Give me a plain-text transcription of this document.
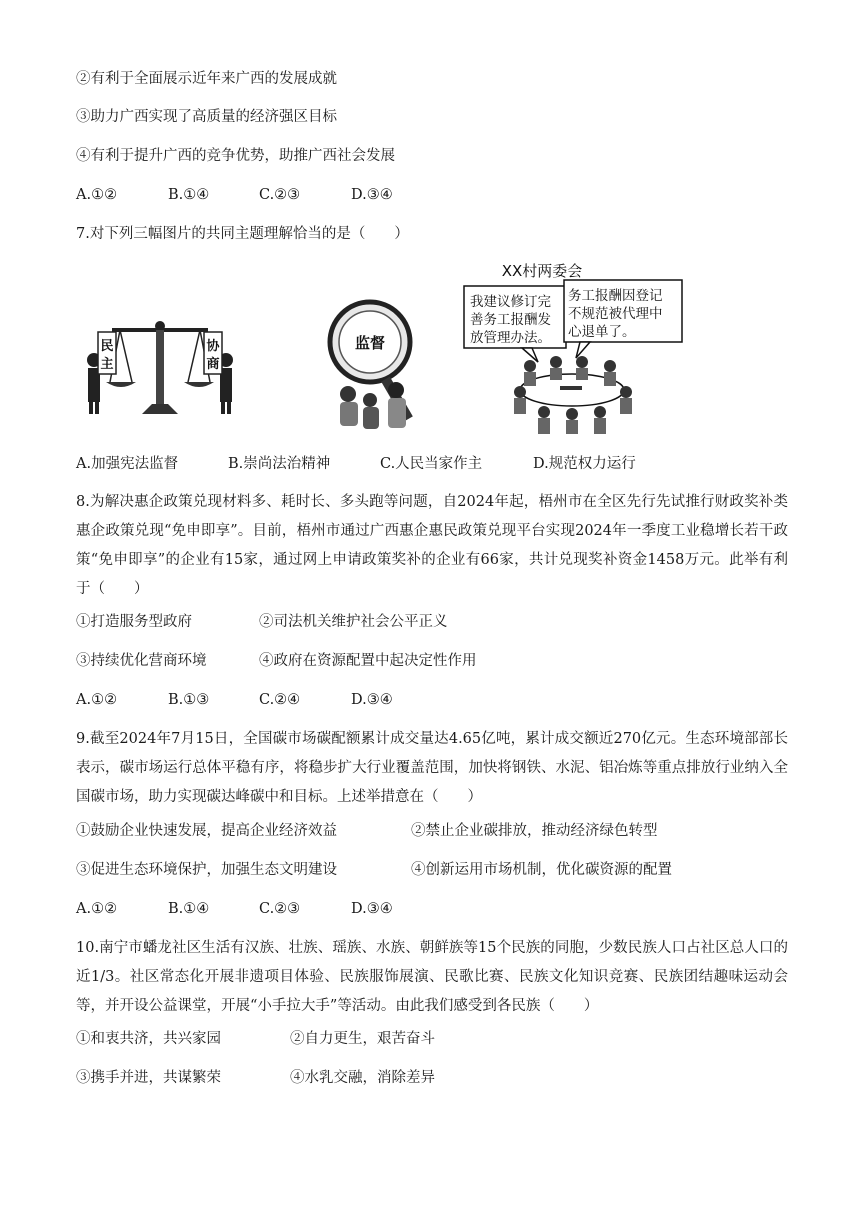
②有利于全面展示近年来广西的发展成就
③助力广西实现了高质量的经济强区目标
④有利于提升广西的竞争优势，助推广西社会发展
A.①②	B.①④	C.②③	D.③④
7.对下列三幅图片的共同主题理解恰当的是（　　）
民
主
协
商
监督
XX村两委会
我建议修订完
善务工报酬发
放管理办法。
务工报酬因登记
不规范被代理中
心退单了。
A.加强宪法监督	B.崇尚法治精神	C.人民当家作主	D.规范权力运行
8.为解决惠企政策兑现材料多、耗时长、多头跑等问题，自2024年起，梧州市在全区先行先试推行财政奖补类惠企政策兑现“免申即享”。目前，梧州市通过广西惠企惠民政策兑现平台实现2024年一季度工业稳增长若干政策“免申即享”的企业有15家，通过网上申请政策奖补的企业有66家，共计兑现奖补资金1458万元。此举有利于（　　）
①打造服务型政府	②司法机关维护社会公平正义
③持续优化营商环境	④政府在资源配置中起决定性作用
A.①②	B.①③	C.②④	D.③④
9.截至2024年7月15日，全国碳市场碳配额累计成交量达4.65亿吨，累计成交额近270亿元。生态环境部部长表示，碳市场运行总体平稳有序，将稳步扩大行业覆盖范围，加快将钢铁、水泥、铝冶炼等重点排放行业纳入全国碳市场，助力实现碳达峰碳中和目标。上述举措意在（　　）
①鼓励企业快速发展，提高企业经济效益	②禁止企业碳排放，推动经济绿色转型
③促进生态环境保护，加强生态文明建设	④创新运用市场机制，优化碳资源的配置
A.①②	B.①④	C.②③	D.③④
10.南宁市蟠龙社区生活有汉族、壮族、瑶族、水族、朝鲜族等15个民族的同胞，少数民族人口占社区总人口的近1/3。社区常态化开展非遗项目体验、民族服饰展演、民歌比赛、民族文化知识竞赛、民族团结趣味运动会等，并开设公益课堂，开展“小手拉大手”等活动。由此我们感受到各民族（　　）
①和衷共济，共兴家园	②自力更生，艰苦奋斗
③携手并进，共谋繁荣	④水乳交融，消除差异
